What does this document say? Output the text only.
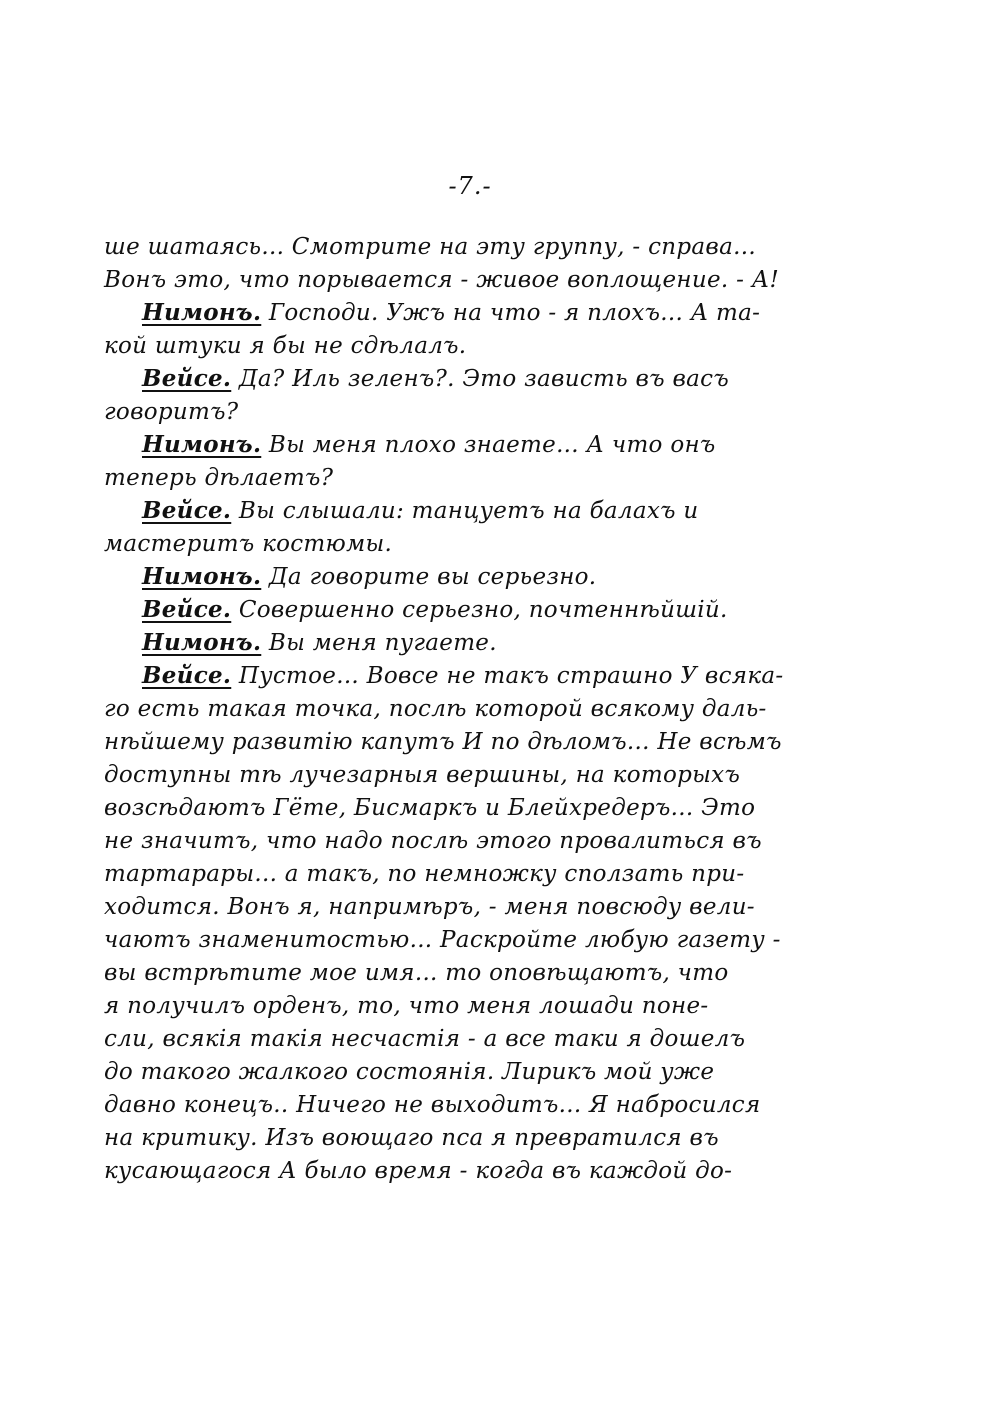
-7.-
ше шатаясь... Смотрите на эту группу, - справа...
Вонъ это, что порывается - живое воплощение. - А!
Нимонъ. Господи. Ужъ на что - я плохъ... А та-
кой штуки я бы не сдѣлалъ.
Вейсе. Да? Иль зеленъ?. Это зависть въ васъ
говоритъ?
Нимонъ. Вы меня плохо знаете... А что онъ
теперь дѣлаетъ?
Вейсе. Вы слышали: танцуетъ на балахъ и
мастеритъ костюмы.
Нимонъ. Да говорите вы серьезно.
Вейсе. Совершенно серьезно, почтеннѣйшій.
Нимонъ. Вы меня пугаете.
Вейсе. Пустое... Вовсе не такъ страшно У всяка-
го есть такая точка, послѣ которой всякому даль-
нѣйшему развитію капутъ И по дѣломъ... Не всѣмъ
доступны тѣ лучезарныя вершины, на которыхъ
возсѣдаютъ Гёте, Бисмаркъ и Блейхредеръ... Это
не значитъ, что надо послѣ этого провалиться въ
тартарары... а такъ, по немножку сползать при-
ходится. Вонъ я, напримѣръ, - меня повсюду вели-
чаютъ знаменитостью... Раскройте любую газету -
вы встрѣтите мое имя... то оповѣщаютъ, что
я получилъ орденъ, то, что меня лошади поне-
сли, всякія такія несчастія - а все таки я дошелъ
до такого жалкого состоянія. Лирикъ мой уже
давно конецъ.. Ничего не выходитъ... Я набросился
на критику. Изъ воющаго пса я превратился въ
кусающагося А было время - когда въ каждой до-
